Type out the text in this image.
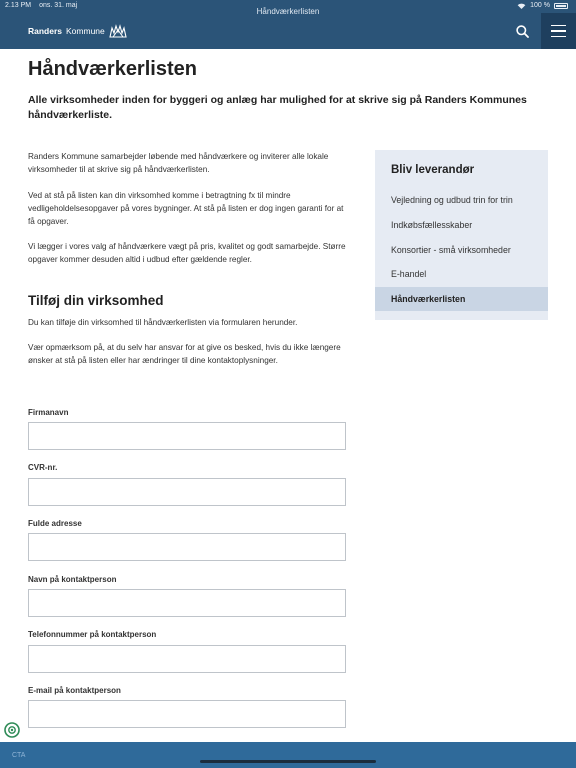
2.13 PM ons. 31. maj
Håndværkerlisten
100 %
Randers Kommune
Håndværkerlisten

Alle virksomheder inden for byggeri og anlæg har mulighed for at skrive sig på Randers Kommunes håndværkerliste.

Randers Kommune samarbejder løbende med håndværkere og inviterer alle lokale virksomheder til at skrive sig på håndværkerlisten.

Ved at stå på listen kan din virksomhed komme i betragtning fx til mindre vedligeholdelsesopgaver på vores bygninger. At stå på listen er dog ingen garanti for at få opgaver.

Vi lægger i vores valg af håndværkere vægt på pris, kvalitet og godt samarbejde. Større opgaver kommer desuden altid i udbud efter gældende regler.

Tilføj din virksomhed

Du kan tilføje din virksomhed til håndværkerlisten via formularen herunder.

Vær opmærksom på, at du selv har ansvar for at give os besked, hvis du ikke længere ønsker at stå på listen eller har ændringer til dine kontaktoplysninger.

Bliv leverandør
Vejledning og udbud trin for trin
Indkøbsfællesskaber
Konsortier - små virksomheder
E-handel
Håndværkerlisten
Firmanavn
CVR-nr.
Fulde adresse
Navn på kontaktperson
Telefonnummer på kontaktperson
E-mail på kontaktperson
CTA
